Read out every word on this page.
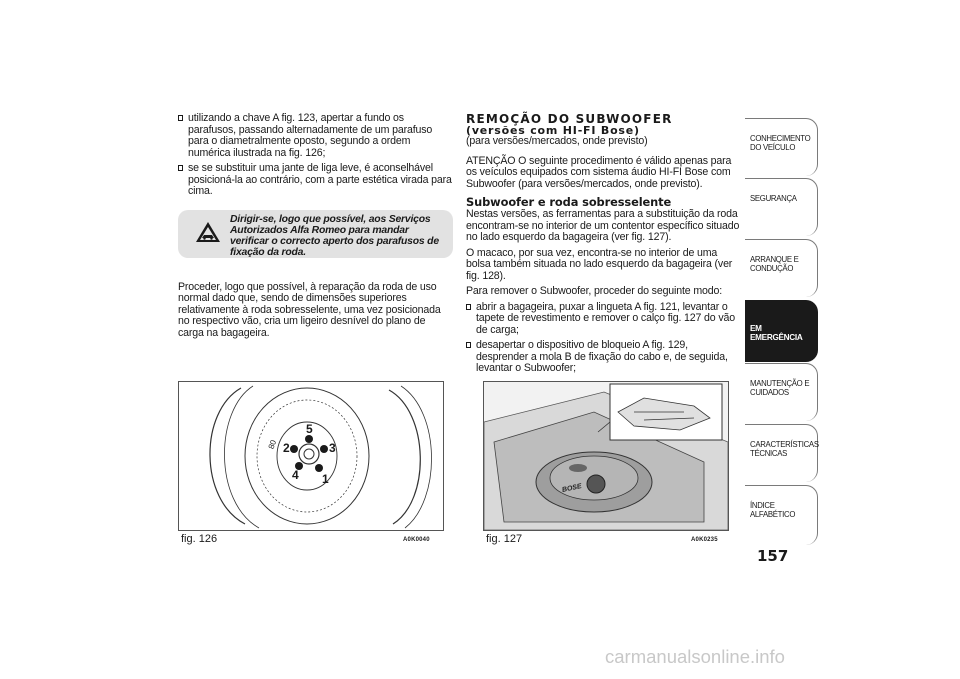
utilizando a chave A fig. 123, apertar a fundo os parafusos, passando alternadamente de um parafuso para o diametralmente oposto, segundo a ordem numérica ilustrada na fig. 126;
se se substituir uma jante de liga leve, é aconselhável posicioná-la ao contrário, com a parte estética virada para cima.
Dirigir-se, logo que possível, aos Serviços Autorizados Alfa Romeo para mandar verificar o correcto aperto dos parafusos de fixação da roda.

Proceder, logo que possível, à reparação da roda de uso normal dado que, sendo de dimensões superiores relativamente à roda sobresselente, uma vez posicionada no respectivo vão, cria um ligeiro desnível do plano de carga na bagageira.

REMOÇÃO DO SUBWOOFER

(versões com HI-FI Bose)

(para versões/mercados, onde previsto)

ATENÇÃO O seguinte procedimento é válido apenas para os veículos equipados com sistema áudio HI-FI Bose com Subwoofer (para versões/mercados, onde previsto).

Subwoofer e roda sobresselente

Nestas versões, as ferramentas para a substituição da roda encontram-se no interior de um contentor específico situado no lado esquerdo da bagageira (ver fig. 127).

O macaco, por sua vez, encontra-se no interior de uma bolsa também situada no lado esquerdo da bagageira (ver fig. 128).

Para remover o Subwoofer, proceder do seguinte modo:

abrir a bagageira, puxar a lingueta A fig. 121, levantar o tapete de revestimento e remover o calço fig. 127 do vão de carga;
desapertar o dispositivo de bloqueio A fig. 129, desprender a mola B de fixação do cabo e, de seguida, levantar o Subwoofer;
5
2	3
4 1
80
fig. 126	A0K0040
BOSE
fig. 127	A0K0235
CONHECIMENTO DO VEÍCULO
SEGURANÇA
ARRANQUE E CONDUÇÃO
EM EMERGÊNCIA
MANUTENÇÃO E CUIDADOS
CARACTERÍSTICAS TÉCNICAS
ÍNDICE ALFABÉTICO
157
carmanualsonline.info
